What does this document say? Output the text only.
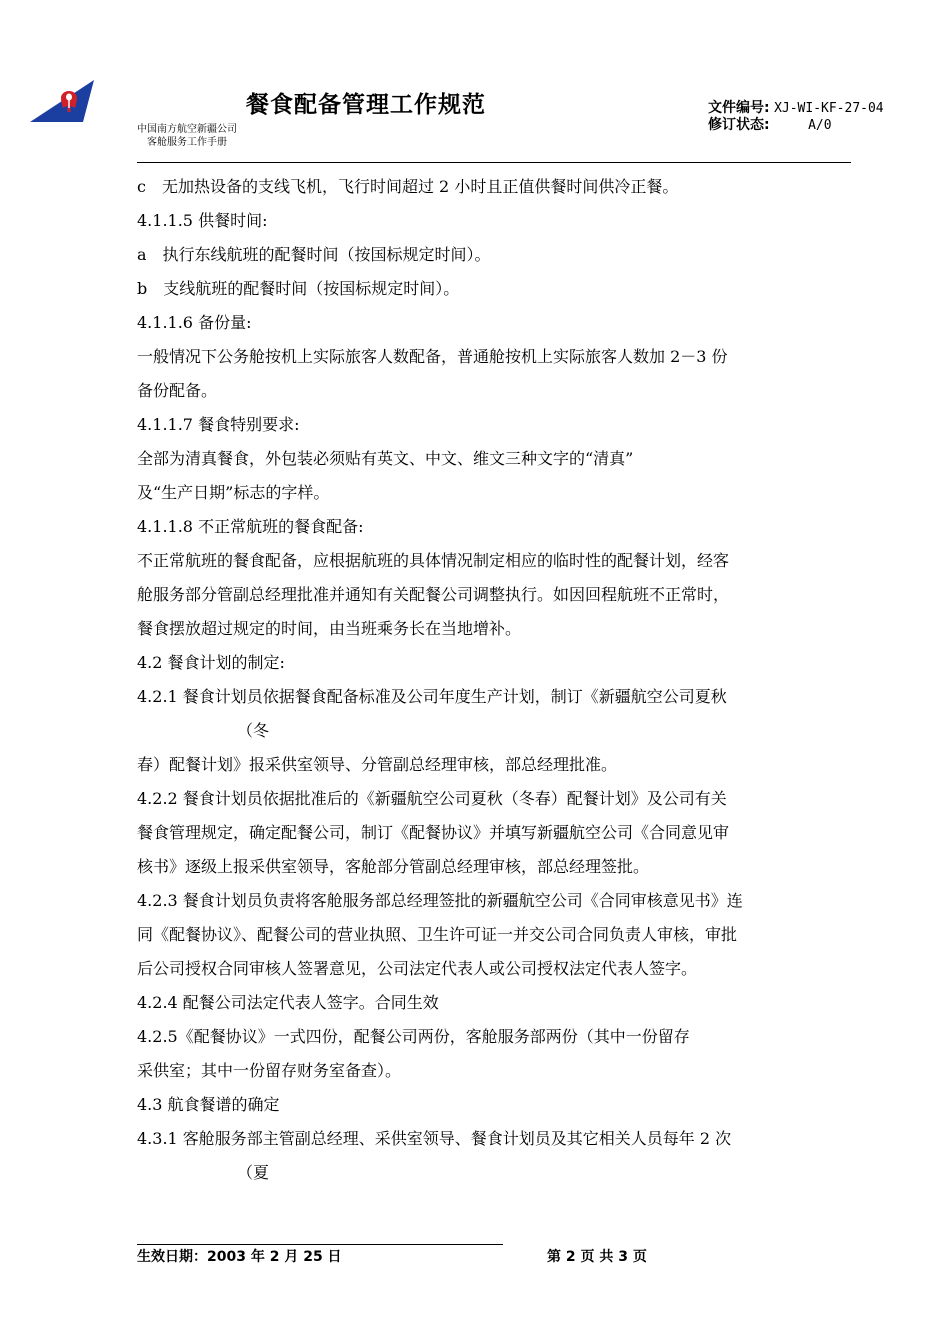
餐食配备管理工作规范
中国南方航空新疆公司
客舱服务工作手册
文件编号: XJ-WI-KF-27-04
修订状态:	A/0
c　无加热设备的支线飞机，飞行时间超过 2 小时且正值供餐时间供冷正餐。
4.1.1.5 供餐时间:
a　执行东线航班的配餐时间（按国标规定时间）。
b　支线航班的配餐时间（按国标规定时间）。
4.1.1.6 备份量:
一般情况下公务舱按机上实际旅客人数配备，普通舱按机上实际旅客人数加 2－3 份
备份配备。
4.1.1.7 餐食特别要求:
全部为清真餐食，外包装必须贴有英文、中文、维文三种文字的“清真”
及“生产日期”标志的字样。
4.1.1.8 不正常航班的餐食配备:
不正常航班的餐食配备，应根据航班的具体情况制定相应的临时性的配餐计划，经客
舱服务部分管副总经理批准并通知有关配餐公司调整执行。如因回程航班不正常时，
餐食摆放超过规定的时间，由当班乘务长在当地增补。
4.2 餐食计划的制定:
4.2.1 餐食计划员依据餐食配备标准及公司年度生产计划，制订《新疆航空公司夏秋
（冬
春）配餐计划》报采供室领导、分管副总经理审核，部总经理批准。
4.2.2 餐食计划员依据批准后的《新疆航空公司夏秋（冬春）配餐计划》及公司有关
餐食管理规定，确定配餐公司，制订《配餐协议》并填写新疆航空公司《合同意见审
核书》逐级上报采供室领导，客舱部分管副总经理审核，部总经理签批。
4.2.3 餐食计划员负责将客舱服务部总经理签批的新疆航空公司《合同审核意见书》连
同《配餐协议》、配餐公司的营业执照、卫生许可证一并交公司合同负责人审核，审批
后公司授权合同审核人签署意见，公司法定代表人或公司授权法定代表人签字。
4.2.4 配餐公司法定代表人签字。合同生效
4.2.5《配餐协议》一式四份，配餐公司两份，客舱服务部两份（其中一份留存
采供室；其中一份留存财务室备查）。
4.3 航食餐谱的确定
4.3.1 客舱服务部主管副总经理、采供室领导、餐食计划员及其它相关人员每年 2 次
（夏
生效日期：2003 年 2 月 25 日	第 2 页 共 3 页
